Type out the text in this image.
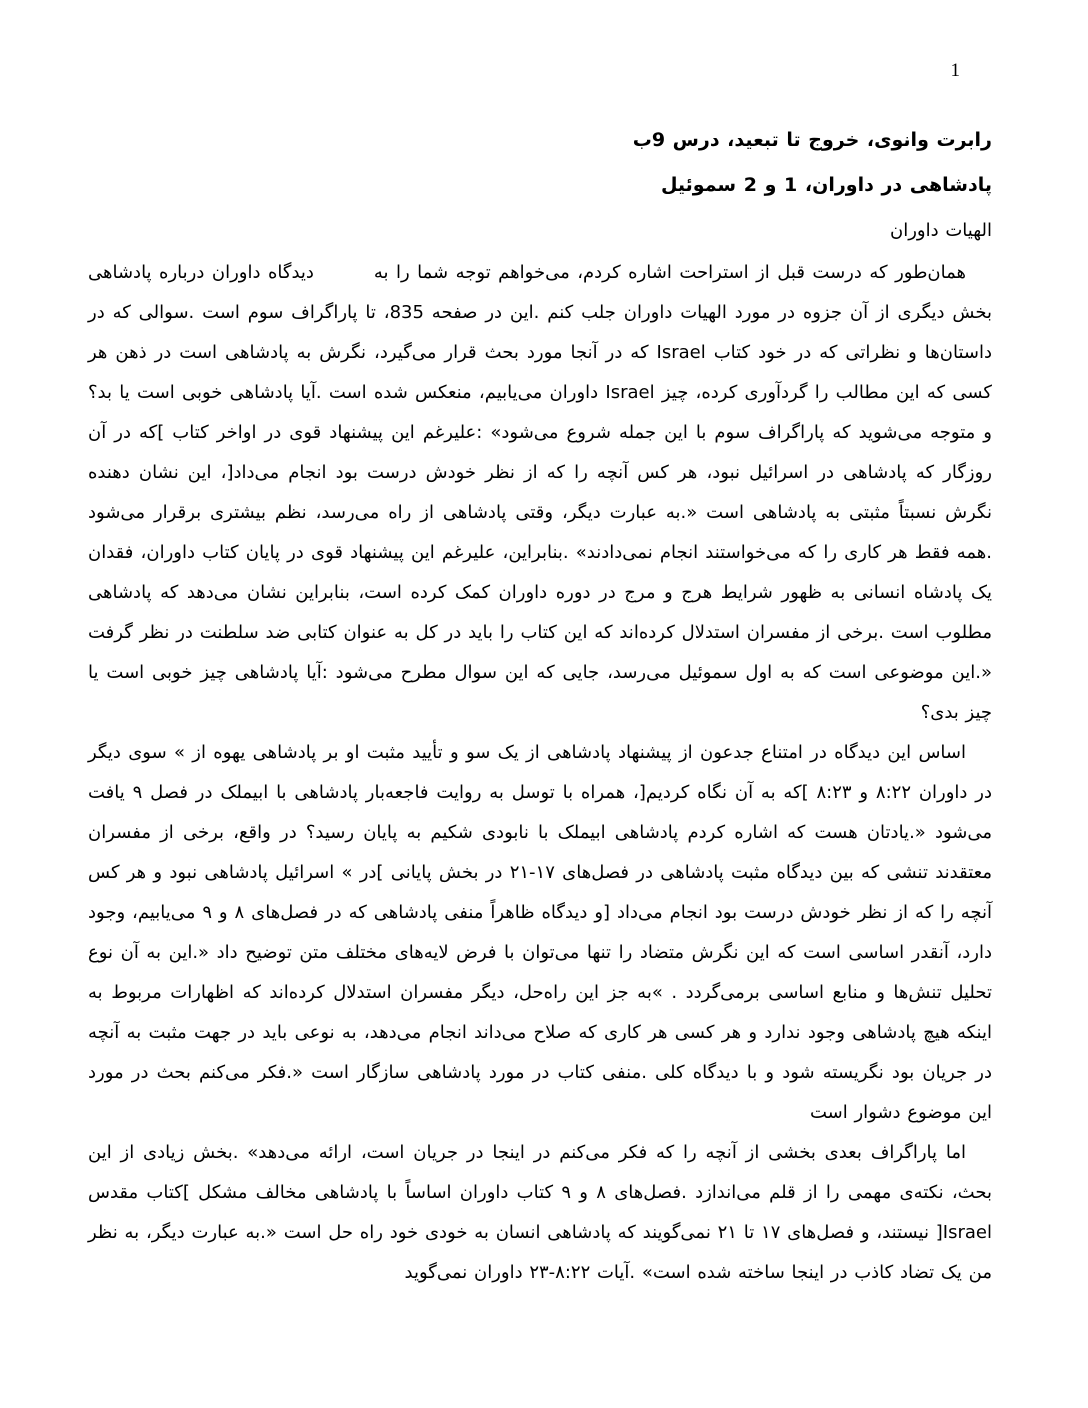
1

رابرت وانوی، خروج تا تبعید، درس 9ب

پادشاهی در داوران، 1 و 2 سموئیل

الهیات داوران

همان‌طور که درست قبل از استراحت اشاره کردم، می‌خواهم توجه شما را به        دیدگاه داوران درباره پادشاهی بخش دیگری از آن جزوه در مورد الهیات داوران جلب کنم .این در صفحه 835، تا پاراگراف سوم است .سوالی که در داستان‌ها و نظراتی که در خود کتاب Israel که در آنجا مورد بحث قرار می‌گیرد، نگرش به پادشاهی است در ذهن هر کسی که این مطالب را گردآوری کرده، چیز Israel داوران می‌یابیم، منعکس شده است .آیا پادشاهی خوبی است یا بد؟ و متوجه می‌شوید که پاراگراف سوم با این جمله شروع می‌شود» :علیرغم این پیشنهاد قوی در اواخر کتاب ]که در آن روزگار که پادشاهی در اسرائیل نبود، هر کس آنچه را که از نظر خودش درست بود انجام می‌داد[، این نشان دهنده نگرش نسبتاً مثبتی به پادشاهی است «.به عبارت دیگر، وقتی پادشاهی از راه می‌رسد، نظم بیشتری برقرار می‌شود .همه فقط هر کاری را که می‌خواستند انجام نمی‌دادند» .بنابراین، علیرغم این پیشنهاد قوی در پایان کتاب داوران، فقدان یک پادشاه انسانی به ظهور شرایط هرج و مرج در دوره داوران کمک کرده است، بنابراین نشان می‌دهد که پادشاهی مطلوب است .برخی از مفسران استدلال کرده‌اند که این کتاب را باید در کل به عنوان کتابی ضد سلطنت در نظر گرفت «.این موضوعی است که به اول سموئیل می‌رسد، جایی که این سوال مطرح می‌شود :آیا پادشاهی چیز خوبی است یا چیز بدی؟

اساس این دیدگاه در امتناع جدعون از پیشنهاد پادشاهی از یک سو و تأیید مثبت او بر پادشاهی یهوه از » سوی دیگر در داوران ٨:٢٢ و ٨:٢٣ ]که به آن نگاه کردیم[، همراه با توسل به روایت فاجعه‌بار پادشاهی با ابیملک در فصل ٩ یافت می‌شود «.یادتان هست که اشاره کردم پادشاهی ابیملک با نابودی شکیم به پایان رسید؟ در واقع، برخی از مفسران معتقدند تنشی که بین دیدگاه مثبت پادشاهی در فصل‌های ١٧-٢١ در بخش پایانی ]در » اسرائیل پادشاهی نبود و هر کس آنچه را که از نظر خودش درست بود انجام می‌داد [و دیدگاه ظاهراً منفی پادشاهی که در فصل‌های ٨ و ٩ می‌یابیم، وجود دارد، آنقدر اساسی است که این نگرش متضاد را تنها می‌توان با فرض لایه‌های مختلف متن توضیح داد «.این به آن نوع تحلیل تنش‌ها و منابع اساسی برمی‌گردد . »به جز این راه‌حل، دیگر مفسران استدلال کرده‌اند که اظهارات مربوط به اینکه هیچ پادشاهی وجود ندارد و هر کسی هر کاری که صلاح می‌داند انجام می‌دهد، به نوعی باید در جهت مثبت به آنچه در جریان بود نگریسته شود و با دیدگاه کلی .منفی کتاب در مورد پادشاهی سازگار است «.فکر می‌کنم بحث در مورد این موضوع دشوار است

اما پاراگراف بعدی بخشی از آنچه را که فکر می‌کنم در اینجا در جریان است، ارائه می‌دهد» .بخش زیادی از این بحث، نکته‌ی مهمی را از قلم می‌اندازد .فصل‌های ٨ و ٩ کتاب داوران اساساً با پادشاهی مخالف مشکل ]کتاب مقدس Israel[ نیستند، و فصل‌های ١٧ تا ٢١ نمی‌گویند که پادشاهی انسان به خودی خود راه حل است «.به عبارت دیگر، به نظر من یک تضاد کاذب در اینجا ساخته شده است» .آیات ٨:٢٢-٢٣ داوران نمی‌گوید
